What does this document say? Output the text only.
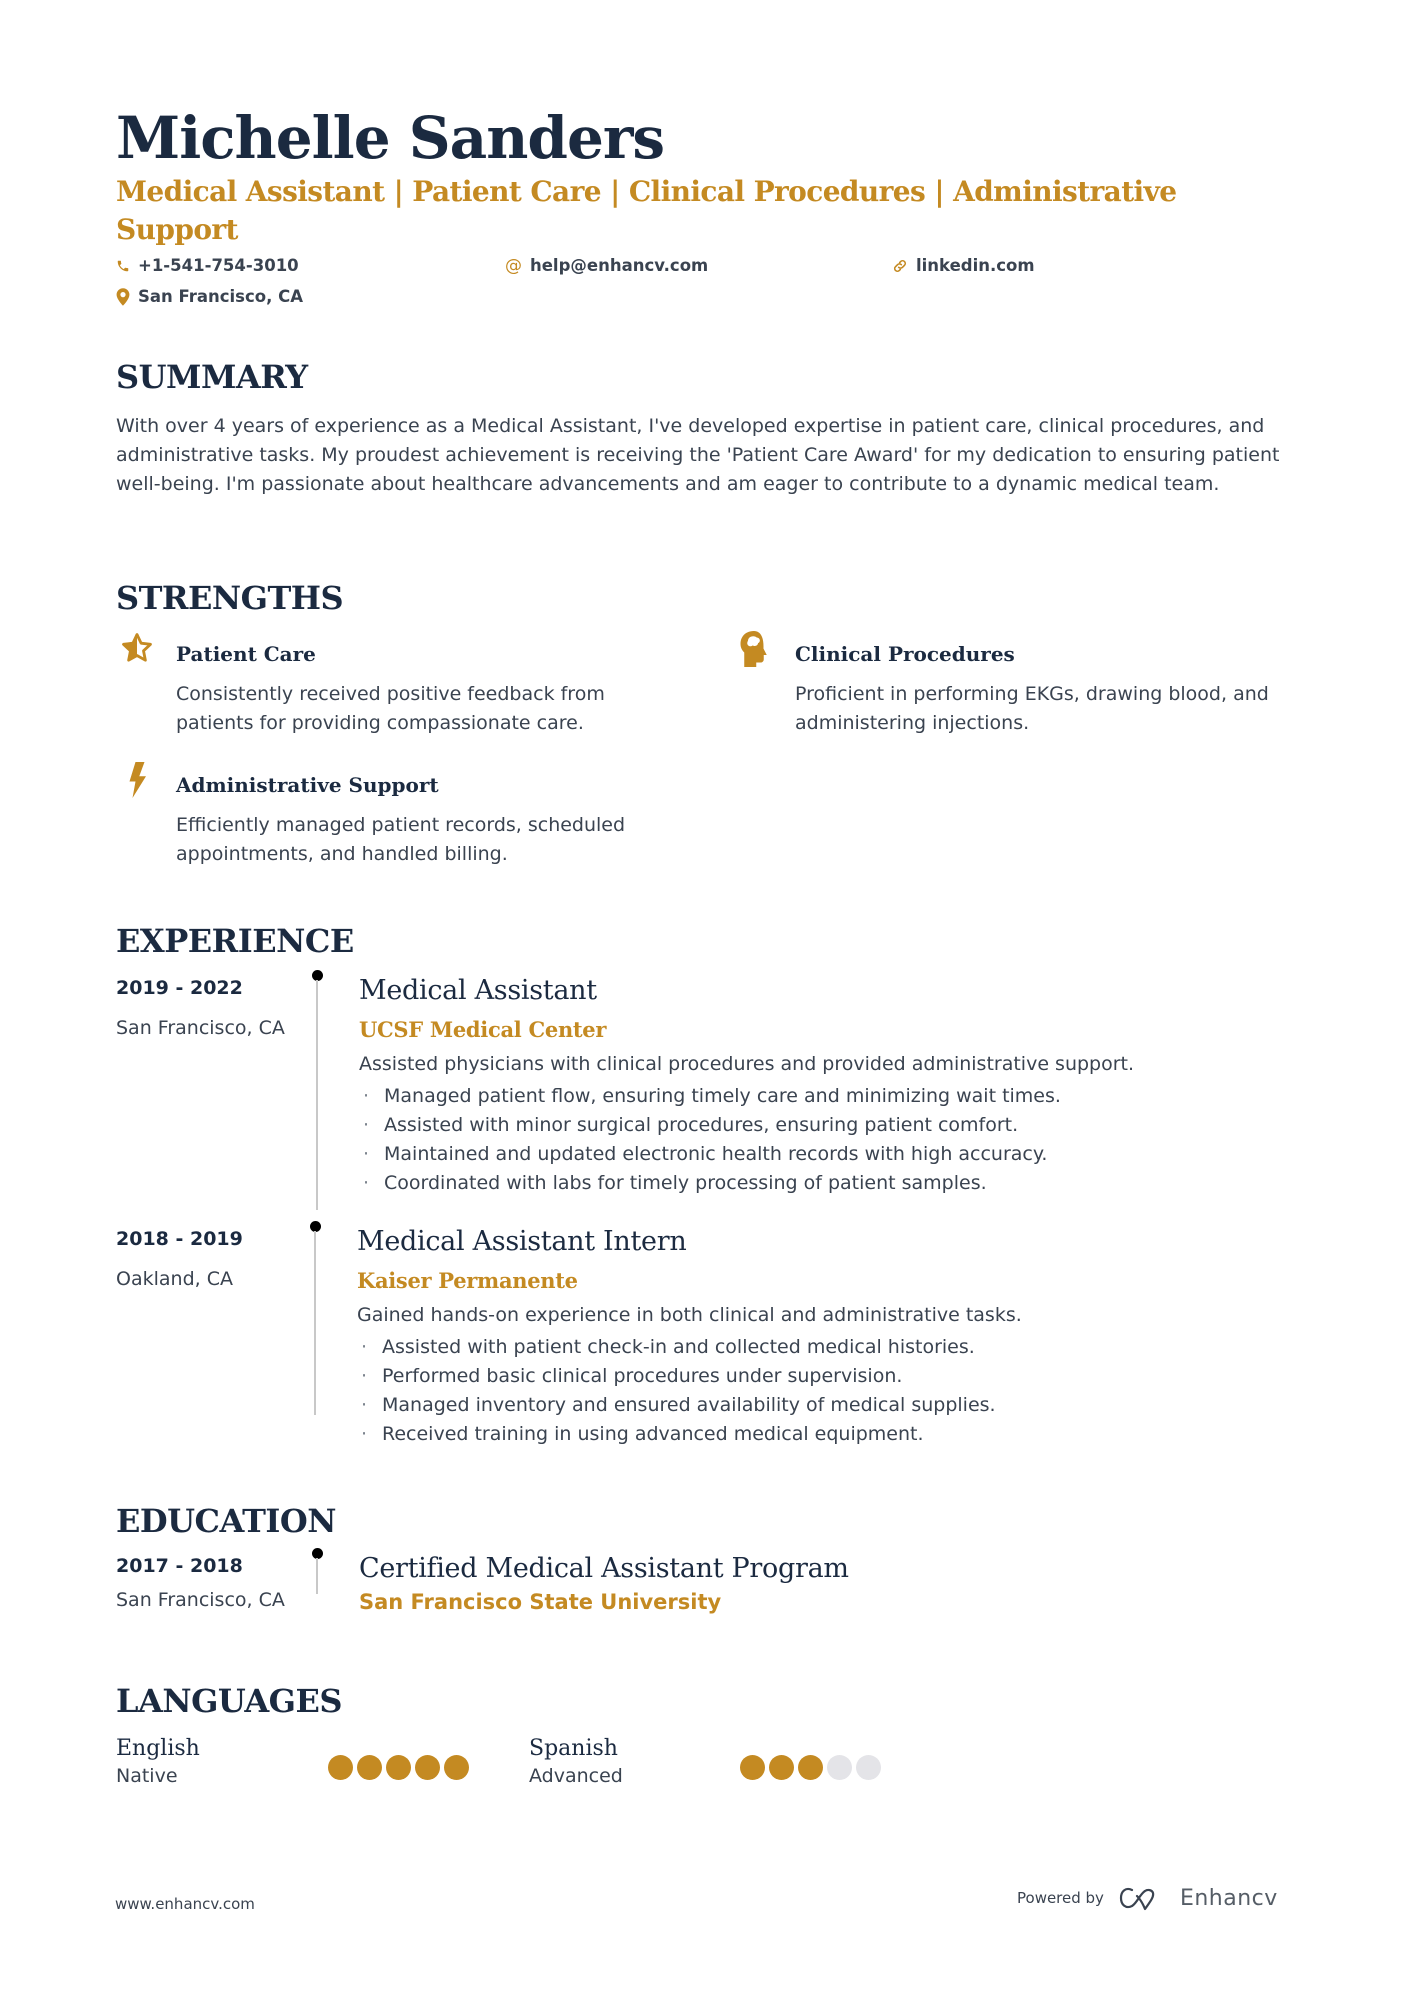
Michelle Sanders
Medical Assistant | Patient Care | Clinical Procedures | Administrative Support
+1-541-754-3010	@ help@enhancv.com	linkedin.com
San Francisco, CA
SUMMARY
With over 4 years of experience as a Medical Assistant, I've developed expertise in patient care, clinical procedures, and administrative tasks. My proudest achievement is receiving the 'Patient Care Award' for my dedication to ensuring patient well-being. I'm passionate about healthcare advancements and am eager to contribute to a dynamic medical team.
STRENGTHS
Patient Care
Consistently received positive feedback from patients for providing compassionate care.
Clinical Procedures
Proficient in performing EKGs, drawing blood, and administering injections.
Administrative Support
Efficiently managed patient records, scheduled appointments, and handled billing.
EXPERIENCE
2019 - 2022
San Francisco, CA
Medical Assistant
UCSF Medical Center
Assisted physicians with clinical procedures and provided administrative support.
· Managed patient flow, ensuring timely care and minimizing wait times.
· Assisted with minor surgical procedures, ensuring patient comfort.
· Maintained and updated electronic health records with high accuracy.
· Coordinated with labs for timely processing of patient samples.
2018 - 2019
Oakland, CA
Medical Assistant Intern
Kaiser Permanente
Gained hands-on experience in both clinical and administrative tasks.
· Assisted with patient check-in and collected medical histories.
· Performed basic clinical procedures under supervision.
· Managed inventory and ensured availability of medical supplies.
· Received training in using advanced medical equipment.
EDUCATION
2017 - 2018
San Francisco, CA
Certified Medical Assistant Program
San Francisco State University
LANGUAGES
English
Native
Spanish
Advanced
www.enhancv.com	Powered by	Enhancv
